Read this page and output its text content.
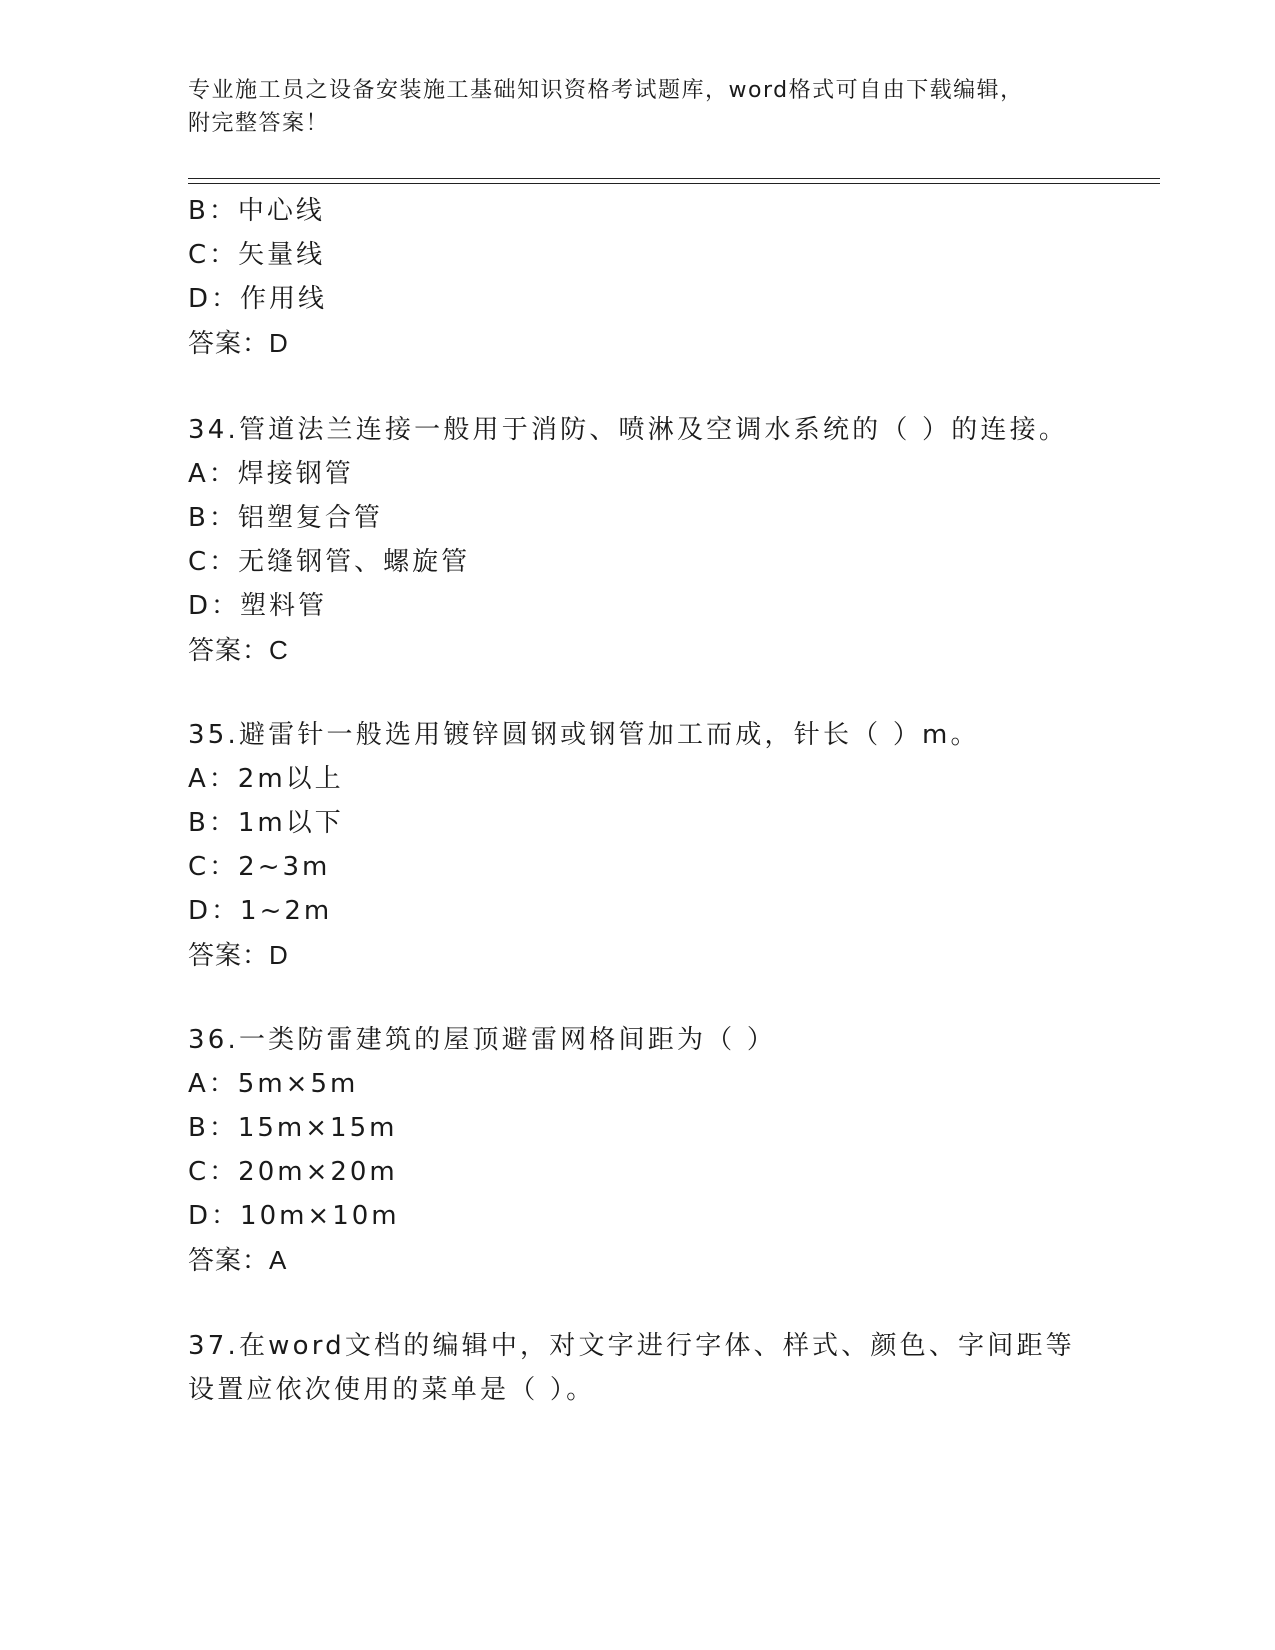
专业施工员之设备安装施工基础知识资格考试题库，word格式可自由下载编辑，
附完整答案！
B：中心线
C：矢量线
D：作用线
答案：D
34.管道法兰连接一般用于消防、喷淋及空调水系统的（ ）的连接。
A：焊接钢管
B：铝塑复合管
C：无缝钢管、螺旋管
D：塑料管
答案：C
35.避雷针一般选用镀锌圆钢或钢管加工而成，针长（ ）m。
A：2m以上
B：1m以下
C：2~3m
D：1~2m
答案：D
36.一类防雷建筑的屋顶避雷网格间距为（ ）
A：5m×5m
B：15m×15m
C：20m×20m
D：10m×10m
答案：A
37.在word文档的编辑中，对文字进行字体、样式、颜色、字间距等
设置应依次使用的菜单是（ ）。
